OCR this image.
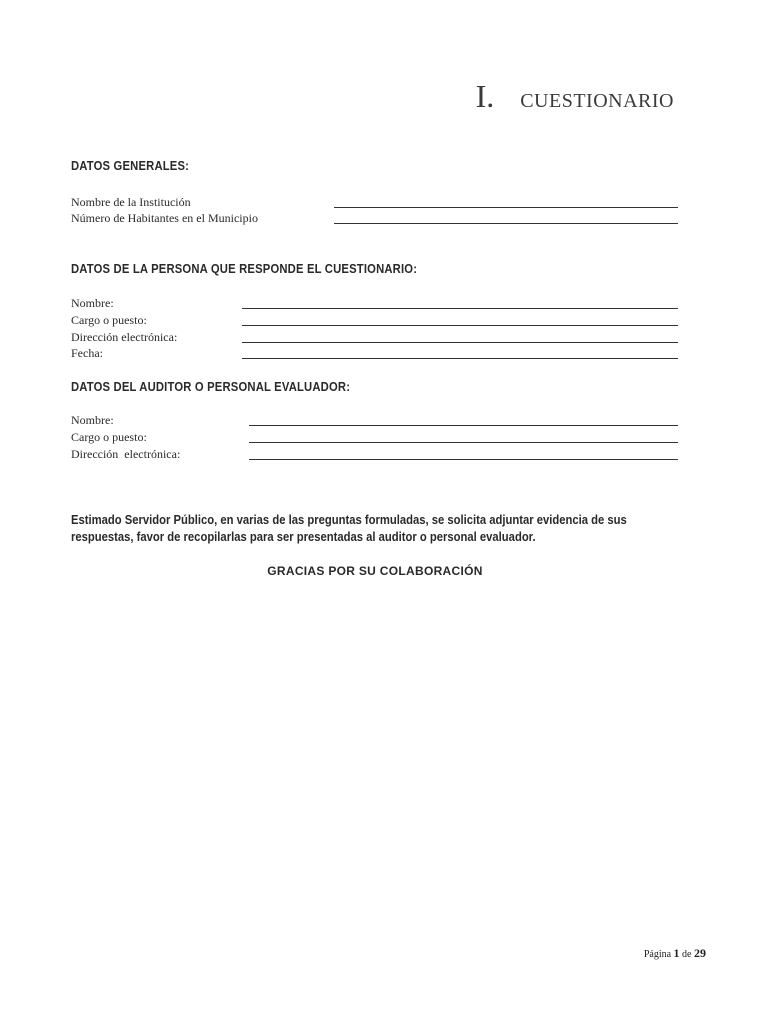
I. CUESTIONARIO
DATOS GENERALES:
Nombre de la Institución
Número de Habitantes en el Municipio
DATOS DE LA PERSONA QUE RESPONDE EL CUESTIONARIO:
Nombre:
Cargo o puesto:
Dirección electrónica:
Fecha:
DATOS DEL AUDITOR O PERSONAL EVALUADOR:
Nombre:
Cargo o puesto:
Dirección  electrónica:
Estimado Servidor Público, en varias de las preguntas formuladas, se solicita adjuntar evidencia de sus respuestas, favor de recopilarlas para ser presentadas al auditor o personal evaluador.
GRACIAS POR SU COLABORACIÓN
Página 1 de 29
